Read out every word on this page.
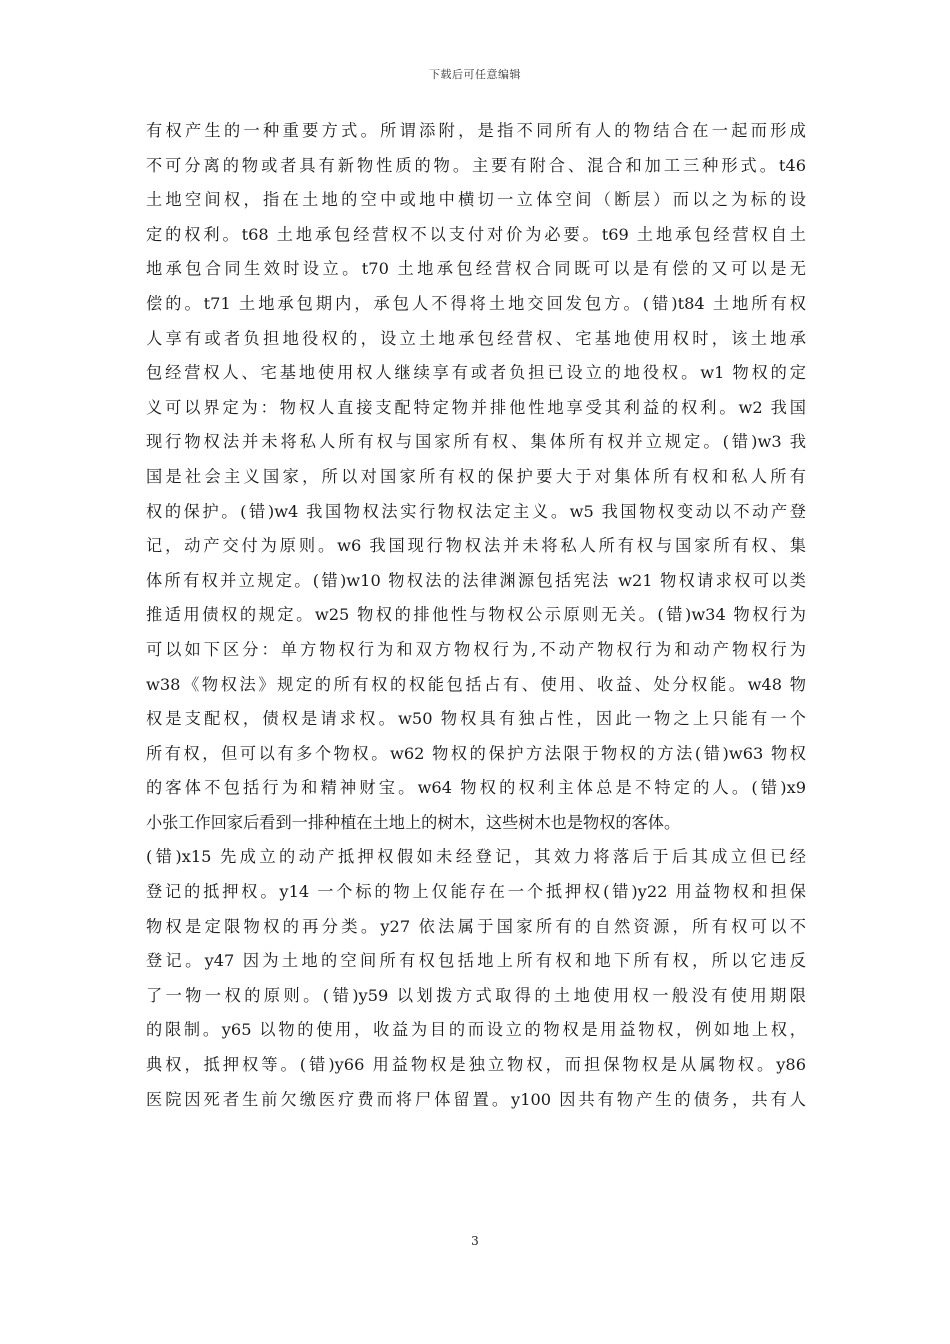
下载后可任意编辑
有权产生的一种重要方式。所谓添附，是指不同所有人的物结合在一起而形成
不可分离的物或者具有新物性质的物。主要有附合、混合和加工三种形式。t46
土地空间权，指在土地的空中或地中横切一立体空间（断层）而以之为标的设
定的权利。t68 土地承包经营权不以支付对价为必要。t69 土地承包经营权自土
地承包合同生效时设立。t70 土地承包经营权合同既可以是有偿的又可以是无
偿的。t71 土地承包期内，承包人不得将土地交回发包方。(错)t84 土地所有权
人享有或者负担地役权的，设立土地承包经营权、宅基地使用权时，该土地承
包经营权人、宅基地使用权人继续享有或者负担已设立的地役权。w1 物权的定
义可以界定为：物权人直接支配特定物并排他性地享受其利益的权利。w2 我国
现行物权法并未将私人所有权与国家所有权、集体所有权并立规定。(错)w3 我
国是社会主义国家，所以对国家所有权的保护要大于对集体所有权和私人所有
权的保护。(错)w4 我国物权法实行物权法定主义。w5 我国物权变动以不动产登
记，动产交付为原则。w6 我国现行物权法并未将私人所有权与国家所有权、集
体所有权并立规定。(错)w10 物权法的法律渊源包括宪法 w21 物权请求权可以类
推适用债权的规定。w25 物权的排他性与物权公示原则无关。(错)w34 物权行为
可以如下区分：单方物权行为和双方物权行为,不动产物权行为和动产物权行为
w38《物权法》规定的所有权的权能包括占有、使用、收益、处分权能。w48 物
权是支配权，债权是请求权。w50 物权具有独占性，因此一物之上只能有一个
所有权，但可以有多个物权。w62 物权的保护方法限于物权的方法(错)w63 物权
的客体不包括行为和精神财宝。w64 物权的权利主体总是不特定的人。(错)x9
小张工作回家后看到一排种植在土地上的树木，这些树木也是物权的客体。
(错)x15 先成立的动产抵押权假如未经登记，其效力将落后于后其成立但已经
登记的抵押权。y14 一个标的物上仅能存在一个抵押权(错)y22 用益物权和担保
物权是定限物权的再分类。y27 依法属于国家所有的自然资源，所有权可以不
登记。y47 因为土地的空间所有权包括地上所有权和地下所有权，所以它违反
了一物一权的原则。(错)y59 以划拨方式取得的土地使用权一般没有使用期限
的限制。y65 以物的使用，收益为目的而设立的物权是用益物权，例如地上权，
典权，抵押权等。(错)y66 用益物权是独立物权，而担保物权是从属物权。y86
医院因死者生前欠缴医疗费而将尸体留置。y100 因共有物产生的债务，共有人
3
